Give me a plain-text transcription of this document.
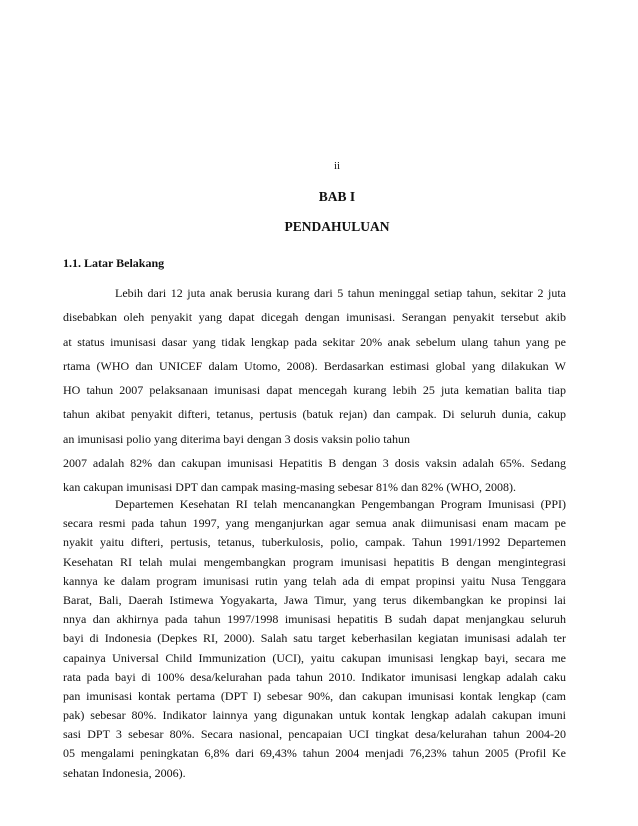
ii
BAB I
PENDAHULUAN
1.1. Latar Belakang
Lebih dari 12 juta anak berusia kurang dari 5 tahun meninggal setiap tahun, sekitar 2 juta
disebabkan oleh penyakit yang dapat dicegah dengan imunisasi. Serangan penyakit tersebut akib
at status imunisasi dasar yang tidak lengkap pada sekitar 20% anak sebelum ulang tahun yang pe
rtama (WHO dan UNICEF dalam Utomo, 2008). Berdasarkan estimasi global yang dilakukan W
HO tahun 2007 pelaksanaan imunisasi dapat mencegah kurang lebih 25 juta kematian balita tiap
tahun akibat penyakit difteri, tetanus, pertusis (batuk rejan) dan campak. Di seluruh dunia, cakup
an imunisasi polio yang diterima bayi dengan 3 dosis vaksin polio tahun
2007 adalah 82% dan cakupan imunisasi Hepatitis B dengan 3 dosis vaksin adalah 65%. Sedang
kan cakupan imunisasi DPT dan campak masing-masing sebesar 81% dan 82% (WHO, 2008).
Departemen Kesehatan RI telah mencanangkan Pengembangan Program Imunisasi (PPI)
secara resmi pada tahun 1997, yang menganjurkan agar semua anak diimunisasi enam macam pe
nyakit yaitu difteri, pertusis, tetanus, tuberkulosis, polio, campak. Tahun 1991/1992 Departemen
Kesehatan RI telah mulai mengembangkan program imunisasi hepatitis B dengan mengintegrasi
kannya ke dalam program imunisasi rutin yang telah ada di empat propinsi yaitu Nusa Tenggara
Barat, Bali, Daerah Istimewa Yogyakarta, Jawa Timur, yang terus dikembangkan ke propinsi lai
nnya dan akhirnya pada tahun 1997/1998 imunisasi hepatitis B sudah dapat menjangkau seluruh
bayi di Indonesia (Depkes RI, 2000). Salah satu target keberhasilan kegiatan imunisasi adalah ter
capainya Universal Child Immunization (UCI), yaitu cakupan imunisasi lengkap bayi, secara me
rata pada bayi di 100% desa/kelurahan pada tahun 2010. Indikator imunisasi lengkap adalah caku
pan imunisasi kontak pertama (DPT I) sebesar 90%, dan cakupan imunisasi kontak lengkap (cam
pak) sebesar 80%. Indikator lainnya yang digunakan untuk kontak lengkap adalah cakupan imuni
sasi DPT 3 sebesar 80%. Secara nasional, pencapaian UCI tingkat desa/kelurahan tahun 2004-20
05 mengalami peningkatan 6,8% dari 69,43% tahun 2004 menjadi 76,23% tahun 2005 (Profil Ke
sehatan Indonesia, 2006).
